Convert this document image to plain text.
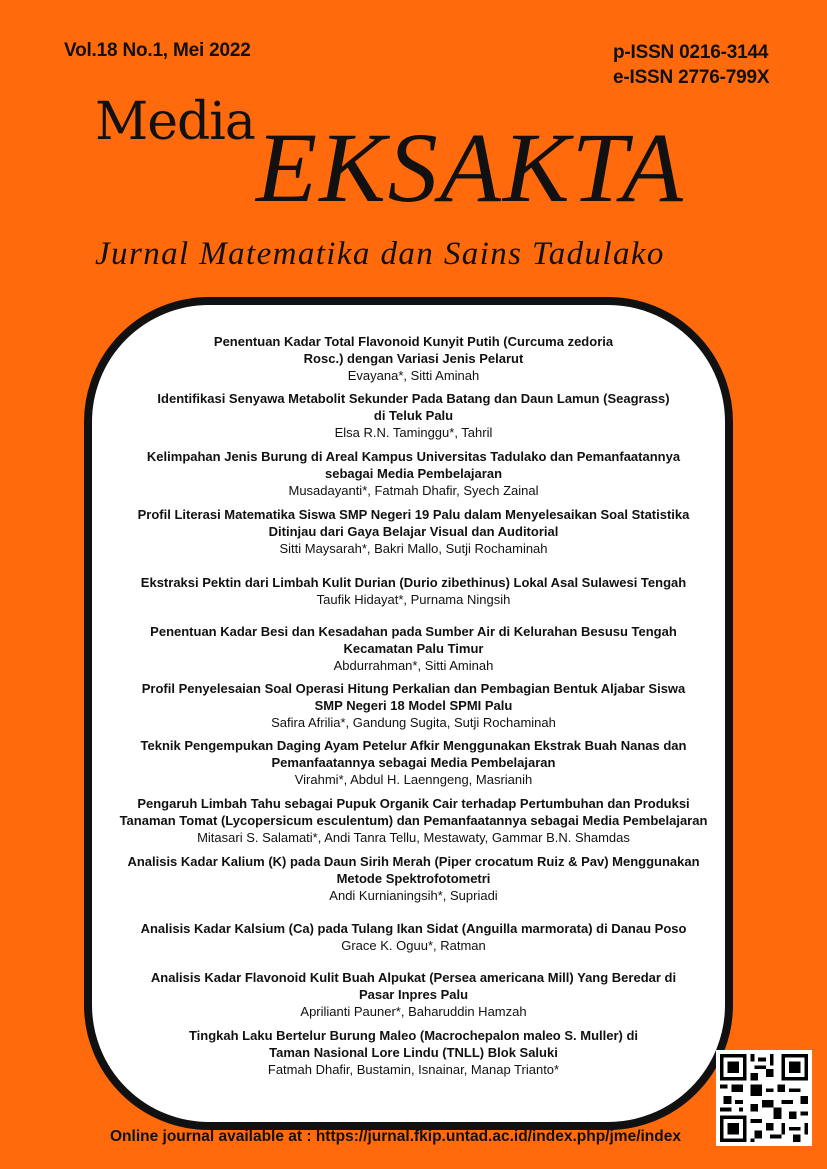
Vol.18 No.1, Mei 2022	p-ISSN 0216-3144
e-ISSN 2776-799X
Media EKSAKTA
Jurnal Matematika dan Sains Tadulako
Penentuan Kadar Total Flavonoid Kunyit Putih (Curcuma zedoria
Rosc.) dengan Variasi Jenis Pelarut
Evayana*, Sitti Aminah
Identifikasi Senyawa Metabolit Sekunder Pada Batang dan Daun Lamun (Seagrass)
di Teluk Palu
Elsa R.N. Taminggu*, Tahril
Kelimpahan Jenis Burung di Areal Kampus Universitas Tadulako dan Pemanfaatannya
sebagai Media Pembelajaran
Musadayanti*, Fatmah Dhafir, Syech Zainal
Profil Literasi Matematika Siswa SMP Negeri 19 Palu dalam Menyelesaikan Soal Statistika
Ditinjau dari Gaya Belajar Visual dan Auditorial
Sitti Maysarah*, Bakri Mallo, Sutji Rochaminah
Ekstraksi Pektin dari Limbah Kulit Durian (Durio zibethinus) Lokal Asal Sulawesi Tengah
Taufik Hidayat*, Purnama Ningsih
Penentuan Kadar Besi dan Kesadahan pada Sumber Air di Kelurahan Besusu Tengah
Kecamatan Palu Timur
Abdurrahman*, Sitti Aminah
Profil Penyelesaian Soal Operasi Hitung Perkalian dan Pembagian Bentuk Aljabar Siswa
SMP Negeri 18 Model SPMI Palu
Safira Afrilia*, Gandung Sugita, Sutji Rochaminah
Teknik Pengempukan Daging Ayam Petelur Afkir Menggunakan Ekstrak Buah Nanas dan
Pemanfaatannya sebagai Media Pembelajaran
Virahmi*, Abdul H. Laenngeng, Masrianih
Pengaruh Limbah Tahu sebagai Pupuk Organik Cair terhadap Pertumbuhan dan Produksi
Tanaman Tomat (Lycopersicum esculentum) dan Pemanfaatannya sebagai Media Pembelajaran
Mitasari S. Salamati*, Andi Tanra Tellu, Mestawaty, Gammar B.N. Shamdas
Analisis Kadar Kalium (K) pada Daun Sirih Merah (Piper crocatum Ruiz & Pav) Menggunakan
Metode Spektrofotometri
Andi Kurnianingsih*, Supriadi
Analisis Kadar Kalsium (Ca) pada Tulang Ikan Sidat (Anguilla marmorata) di Danau Poso
Grace K. Oguu*, Ratman
Analisis Kadar Flavonoid Kulit Buah Alpukat (Persea americana Mill) Yang Beredar di
Pasar Inpres Palu
Aprilianti Pauner*, Baharuddin Hamzah
Tingkah Laku Bertelur Burung Maleo (Macrochepalon maleo S. Muller) di
Taman Nasional Lore Lindu (TNLL) Blok Saluki
Fatmah Dhafir, Bustamin, Isnainar, Manap Trianto*
Online journal available at : https://jurnal.fkip.untad.ac.id/index.php/jme/index
